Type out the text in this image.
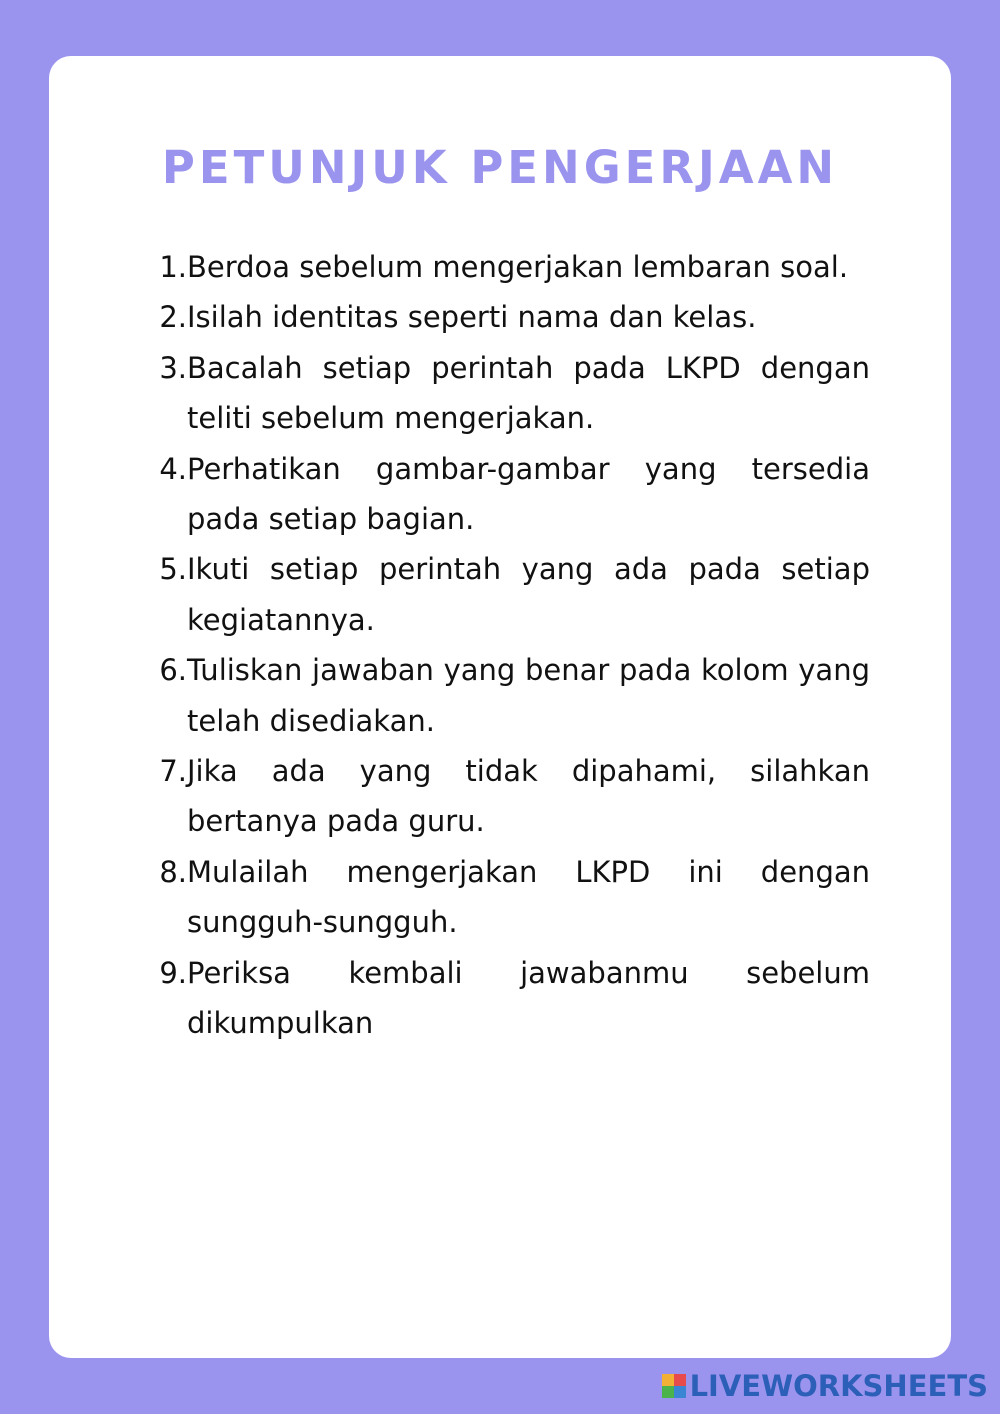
PETUNJUK PENGERJAAN
1. Berdoa sebelum mengerjakan lembaran soal.
2. Isilah identitas seperti nama dan kelas.
3. Bacalah setiap perintah pada LKPD dengan teliti sebelum mengerjakan.
4. Perhatikan gambar-gambar yang tersedia pada setiap bagian.
5. Ikuti setiap perintah yang ada pada setiap kegiatannya.
6. Tuliskan jawaban yang benar pada kolom yang telah disediakan.
7. Jika ada yang tidak dipahami, silahkan bertanya pada guru.
8. Mulailah mengerjakan LKPD ini dengan sungguh-sungguh.
9. Periksa kembali jawabanmu sebelum dikumpulkan
LIVEWORKSHEETS
